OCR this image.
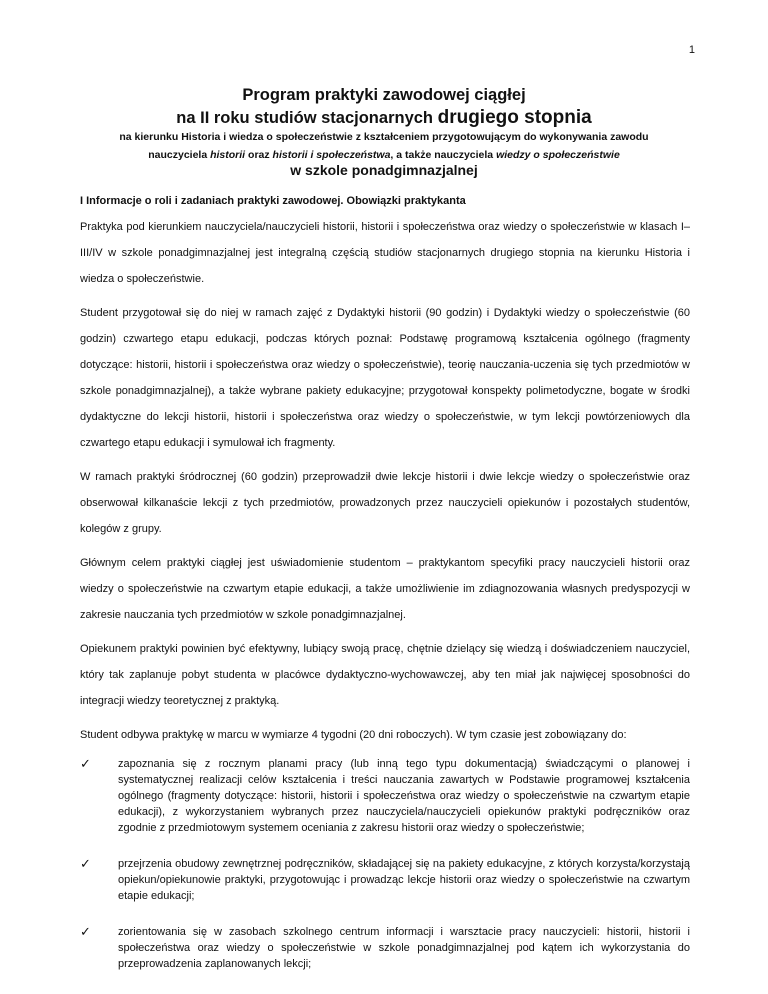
1
Program praktyki zawodowej ciągłej
na II roku studiów stacjonarnych drugiego stopnia
na kierunku Historia i wiedza o społeczeństwie z kształceniem przygotowującym do wykonywania zawodu
nauczyciela historii oraz historii i społeczeństwa, a także nauczyciela wiedzy o społeczeństwie
w szkole ponadgimnazjalnej
I Informacje o roli i zadaniach praktyki zawodowej. Obowiązki praktykanta

Praktyka pod kierunkiem nauczyciela/nauczycieli historii, historii i społeczeństwa oraz wiedzy o społeczeństwie w klasach I–III/IV w szkole ponadgimnazjalnej jest integralną częścią studiów stacjonarnych drugiego stopnia na kierunku Historia i wiedza o społeczeństwie.

Student przygotował się do niej w ramach zajęć z Dydaktyki historii (90 godzin) i Dydaktyki wiedzy o społeczeństwie (60 godzin) czwartego etapu edukacji, podczas których poznał: Podstawę programową kształcenia ogólnego (fragmenty dotyczące: historii, historii i społeczeństwa oraz wiedzy o społeczeństwie), teorię nauczania-uczenia się tych przedmiotów w szkole ponadgimnazjalnej), a także wybrane pakiety edukacyjne; przygotował konspekty polimetodyczne, bogate w środki dydaktyczne do lekcji historii, historii i społeczeństwa oraz wiedzy o społeczeństwie, w tym lekcji powtórzeniowych dla czwartego etapu edukacji i symulował ich fragmenty.

W ramach praktyki śródrocznej (60 godzin) przeprowadził dwie lekcje historii i dwie lekcje wiedzy o społeczeństwie oraz obserwował kilkanaście lekcji z tych przedmiotów, prowadzonych przez nauczycieli opiekunów i pozostałych studentów, kolegów z grupy.

Głównym celem praktyki ciągłej jest uświadomienie studentom – praktykantom specyfiki pracy nauczycieli historii oraz wiedzy o społeczeństwie na czwartym etapie edukacji, a także umożliwienie im zdiagnozowania własnych predyspozycji w zakresie nauczania tych przedmiotów w szkole ponadgimnazjalnej.

Opiekunem praktyki powinien być efektywny, lubiący swoją pracę, chętnie dzielący się wiedzą i doświadczeniem nauczyciel, który tak zaplanuje pobyt studenta w placówce dydaktyczno-wychowawczej, aby ten miał jak najwięcej sposobności do integracji wiedzy teoretycznej z praktyką.

Student odbywa praktykę w marcu w wymiarze 4 tygodni (20 dni roboczych). W tym czasie jest zobowiązany do:

✓ zapoznania się z rocznym planami pracy (lub inną tego typu dokumentacją) świadczącymi o planowej i systematycznej realizacji celów kształcenia i treści nauczania zawartych w Podstawie programowej kształcenia ogólnego (fragmenty dotyczące: historii, historii i społeczeństwa oraz wiedzy o społeczeństwie na czwartym etapie edukacji), z wykorzystaniem wybranych przez nauczyciela/nauczycieli opiekunów praktyki podręczników oraz zgodnie z przedmiotowym systemem oceniania z zakresu historii oraz wiedzy o społeczeństwie;
✓ przejrzenia obudowy zewnętrznej podręczników, składającej się na pakiety edukacyjne, z których korzysta/korzystają opiekun/opiekunowie praktyki, przygotowując i prowadząc lekcje historii oraz wiedzy o społeczeństwie na czwartym etapie edukacji;
✓ zorientowania się w zasobach szkolnego centrum informacji i warsztacie pracy nauczycieli: historii, historii i społeczeństwa oraz wiedzy o społeczeństwie w szkole ponadgimnazjalnej pod kątem ich wykorzystania do przeprowadzenia zaplanowanych lekcji;
